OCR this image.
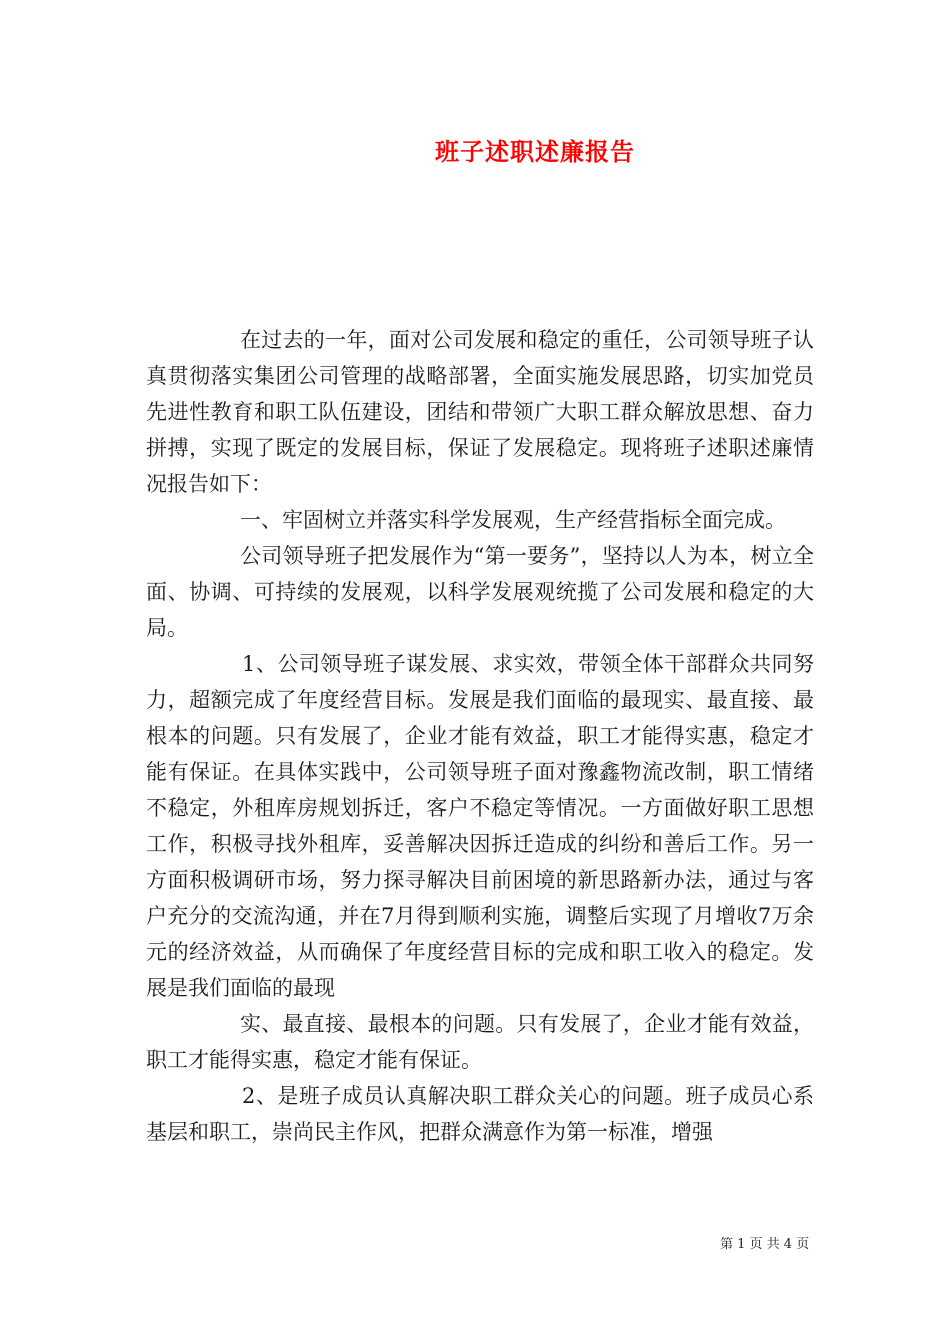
班子述职述廉报告

在过去的一年，面对公司发展和稳定的重任，公司领导班子认真贯彻落实集团公司管理的战略部署，全面实施发展思路，切实加党员先进性教育和职工队伍建设，团结和带领广大职工群众解放思想、奋力拼搏，实现了既定的发展目标，保证了发展稳定。现将班子述职述廉情况报告如下：

一、牢固树立并落实科学发展观，生产经营指标全面完成。

公司领导班子把发展作为“第一要务”，坚持以人为本，树立全面、协调、可持续的发展观，以科学发展观统揽了公司发展和稳定的大局。

1、公司领导班子谋发展、求实效，带领全体干部群众共同努力，超额完成了年度经营目标。发展是我们面临的最现实、最直接、最根本的问题。只有发展了，企业才能有效益，职工才能得实惠，稳定才能有保证。在具体实践中，公司领导班子面对豫鑫物流改制，职工情绪不稳定，外租库房规划拆迁，客户不稳定等情况。一方面做好职工思想工作，积极寻找外租库，妥善解决因拆迁造成的纠纷和善后工作。另一方面积极调研市场，努力探寻解决目前困境的新思路新办法，通过与客户充分的交流沟通，并在7月得到顺利实施，调整后实现了月增收7万余元的经济效益，从而确保了年度经营目标的完成和职工收入的稳定。发展是我们面临的最现

实、最直接、最根本的问题。只有发展了，企业才能有效益，职工才能得实惠，稳定才能有保证。

2、是班子成员认真解决职工群众关心的问题。班子成员心系基层和职工，崇尚民主作风，把群众满意作为第一标准，增强

第 1 页 共 4 页
